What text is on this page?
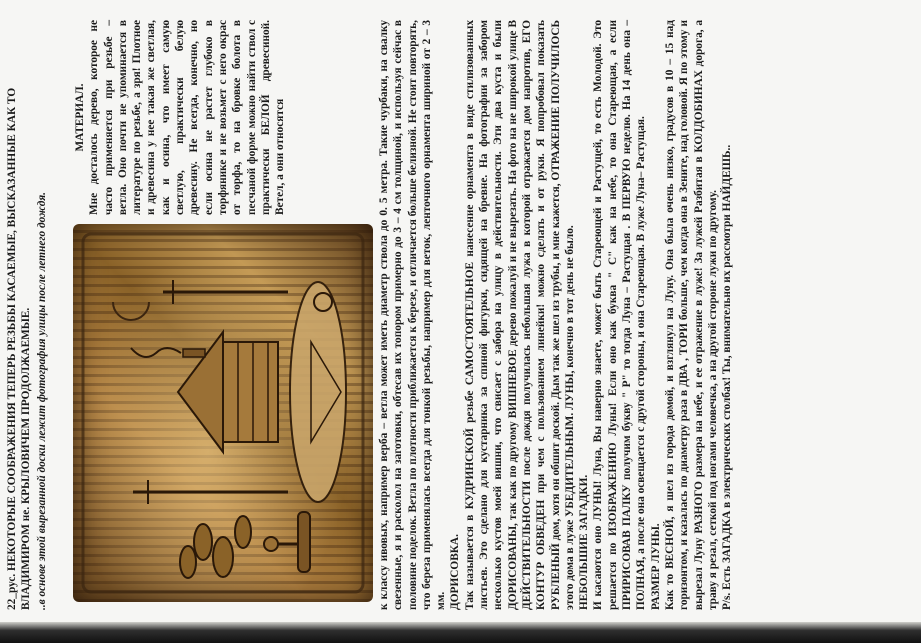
22_рус. НЕКОТОРЫЕ СООБРАЖЕНИЯ ТЕПЕРЬ РЕЗЬБЫ КАСАЕМЫЕ, ВЫСКАЗАННЫЕ КАК ТО ВЛАДИМИРОМ не. КРЫЛОВИЧЕМ ПРОДОЛЖАЕМЫЕ. ..в основе этой вырезанной доски лежит фотография улицы после летнего дождя.

МАТЕРИАЛ. Мне досталось дерево, которое не часто применяется при резьбе – ветла. Оно почти не упоминается в литературе по резьбе, а зря! Плотное и древесина у нее такая же светлая, как и осина, что имеет самую светлую, практически белую древесину. Не всегда, конечно, но если осина не растет глубоко в торфянике и не возьмет с него окрас от торфа, то на бровке болота в песчаной форме можно найти ствол с практически БЕЛОЙ древесиной. Ветел, а они относятся	к классу ивовых, например верба – ветла может иметь диаметр ствола до 0. 5 метра. Такие чурбаки, на свалку свезенные, я и расколол на заготовки, обтесав их топором примерно до 3 – 4 см толщиной, и используя сейчас в половине поделок. Ветла по плотности приближается к березе, и отличается больше белизной. Не стоит повторять, что береза применялась всегда для тонкой резьбы, например для веток, ленточного орнамента шириной от 2 – 3 мм. ДОРИСОВКА. Так называется в КУДРИНСКОЙ резьбе САМОСТОЯТЕЛЬНОЕ нанесение орнамента в виде стилизованных листьев. Это сделано для кустарника за спиной фигурки, сидящей на бревне. На фотографии за забором несколько кустов моей вишни, что свисает с забора на улицу в действительности. Эти два куста и были ДОРИСОВАНЫ, так как по другому ВИШНЕВОЕ дерево пожалуй и не вырезать. На фото на не широкой улице В ДЕЙСТВИТЕЛЬНОСТИ после дождя получилась небольшая лужа в которой отражается дом напротив, ЕГО КОНТУР ОБВЕДЕН при чем с пользованием линейки! можно сделать и от руки. Я попробовал показать РУБЛЕНЫЙ дом, хотя он обшит доской. Дым так же шел из трубы, и мне кажется, ОТРАЖЕНИЕ ПОЛУЧИЛОСЬ этого дома в луже УБЕДИТЕЛЬНЫМ. ЛУНЫ, конечно в тот день не было. НЕБОЛЬШИЕ ЗАГАДКИ. И касаются оно ЛУНЫ! Луна, Вы наверно знаете, может быть Стареющей и Растущей, то есть Молодой. Это решается по ИЗОБРАЖЕНИЮ Луны! Если оно как буква " С" как на небе, то она Стареющая, а если ПРИРИСОВАВ ПАЛКУ получим букву " Р" то тогда Луна – Растущая . В ПЕРВУЮ неделю. На 14 день она –ПОЛНАЯ, а после она освещается с другой стороны, и она Стареющая. В луже Луна– Растущая. РАЗМЕР ЛУНЫ. Как то ВЕСНОЙ, я шел из города домой, и взглянул на Луну. Она была очень низко, градусов в 10 – 15 над горизонтом, и казалась по диаметру раза в ДВА , ТОРИ больше, чем когда она в Зените, над головой. Я по этому и вырезал Луну РАЗНОГО размера на небе, и ее отражение в луже! За лужей Разбитая в КОЛДОБИНАХ дорога, а траву я резал, сеткой под ногами человечка, а на другой стороне лужи по другому. P/s. Есть ЗАГАДКА в электрических столбах! Ты, внимательно их рассмотри НАЙДЕШЬ..
